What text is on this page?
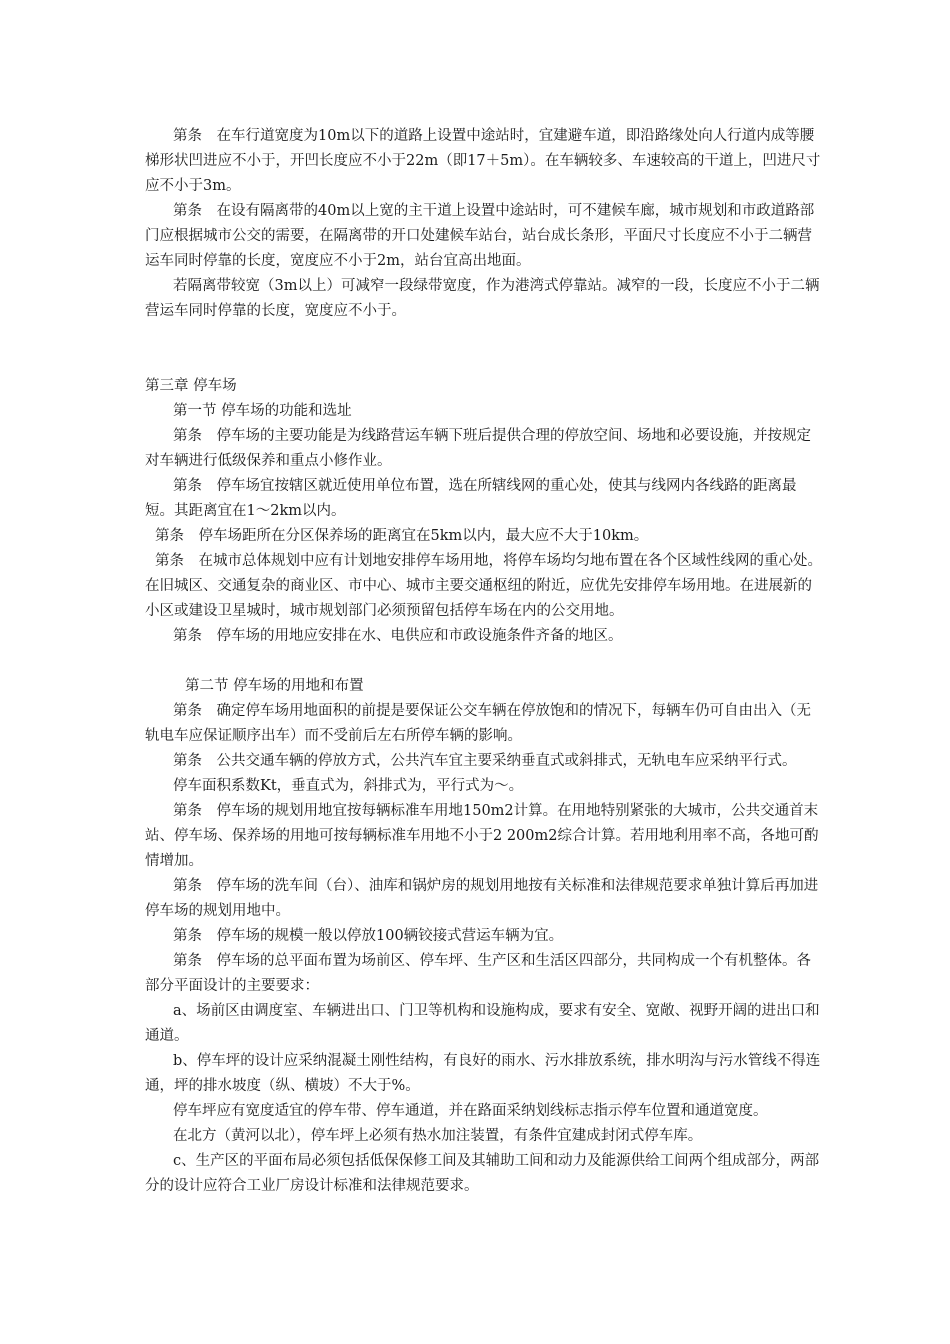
第条　在车行道宽度为10m以下的道路上设置中途站时，宜建避车道，即沿路缘处向人行道内成等腰梯形状凹进应不小于，开凹长度应不小于22m（即17＋5m）。在车辆较多、车速较高的干道上，凹进尺寸应不小于3m。

第条　在设有隔离带的40m以上宽的主干道上设置中途站时，可不建候车廊，城市规划和市政道路部门应根据城市公交的需要，在隔离带的开口处建候车站台，站台成长条形，平面尺寸长度应不小于二辆营运车同时停靠的长度，宽度应不小于2m，站台宜高出地面。

若隔离带较宽（3m以上）可减窄一段绿带宽度，作为港湾式停靠站。减窄的一段，长度应不小于二辆营运车同时停靠的长度，宽度应不小于。

第三章 停车场

第一节 停车场的功能和选址

第条　停车场的主要功能是为线路营运车辆下班后提供合理的停放空间、场地和必要设施，并按规定对车辆进行低级保养和重点小修作业。

第条　停车场宜按辖区就近使用单位布置，选在所辖线网的重心处，使其与线网内各线路的距离最短。其距离宜在1～2km以内。

第条　停车场距所在分区保养场的距离宜在5km以内，最大应不大于10km。

第条　在城市总体规划中应有计划地安排停车场用地，将停车场均匀地布置在各个区域性线网的重心处。在旧城区、交通复杂的商业区、市中心、城市主要交通枢纽的附近，应优先安排停车场用地。在进展新的小区或建设卫星城时，城市规划部门必须预留包括停车场在内的公交用地。

第条　停车场的用地应安排在水、电供应和市政设施条件齐备的地区。

第二节 停车场的用地和布置

第条　确定停车场用地面积的前提是要保证公交车辆在停放饱和的情况下，每辆车仍可自由出入（无轨电车应保证顺序出车）而不受前后左右所停车辆的影响。

第条　公共交通车辆的停放方式，公共汽车宜主要采纳垂直式或斜排式，无轨电车应采纳平行式。

停车面积系数Kt，垂直式为，斜排式为，平行式为～。

第条　停车场的规划用地宜按每辆标准车用地150m2计算。在用地特别紧张的大城市，公共交通首末站、停车场、保养场的用地可按每辆标准车用地不小于2 200m2综合计算。若用地利用率不高，各地可酌情增加。

第条　停车场的洗车间（台）、油库和锅炉房的规划用地按有关标准和法律规范要求单独计算后再加进停车场的规划用地中。

第条　停车场的规模一般以停放100辆铰接式营运车辆为宜。

第条　停车场的总平面布置为场前区、停车坪、生产区和生活区四部分，共同构成一个有机整体。各部分平面设计的主要要求：

a、场前区由调度室、车辆进出口、门卫等机构和设施构成，要求有安全、宽敞、视野开阔的进出口和通道。

b、停车坪的设计应采纳混凝土刚性结构，有良好的雨水、污水排放系统，排水明沟与污水管线不得连通，坪的排水坡度（纵、横坡）不大于%。

停车坪应有宽度适宜的停车带、停车通道，并在路面采纳划线标志指示停车位置和通道宽度。

在北方（黄河以北），停车坪上必须有热水加注装置，有条件宜建成封闭式停车库。

c、生产区的平面布局必须包括低保保修工间及其辅助工间和动力及能源供给工间两个组成部分，两部分的设计应符合工业厂房设计标准和法律规范要求。
